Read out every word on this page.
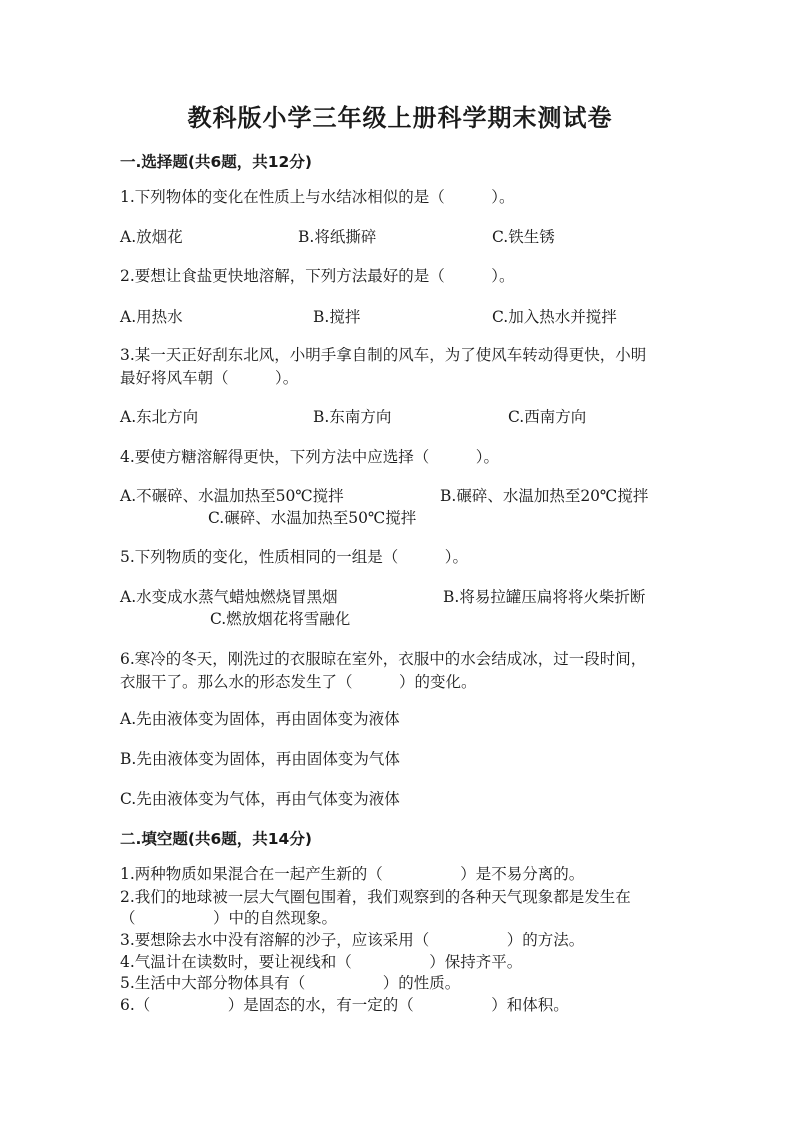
教科版小学三年级上册科学期末测试卷
一.选择题(共6题，共12分)
1.下列物体的变化在性质上与水结冰相似的是（　　　）。
A.放烟花	B.将纸撕碎	C.铁生锈
2.要想让食盐更快地溶解，下列方法最好的是（　　　）。
A.用热水	B.搅拌	C.加入热水并搅拌
3.某一天正好刮东北风，小明手拿自制的风车，为了使风车转动得更快，小明
最好将风车朝（　　　）。
A.东北方向	B.东南方向	C.西南方向
4.要使方糖溶解得更快，下列方法中应选择（　　　）。
A.不碾碎、水温加热至50℃搅拌	B.碾碎、水温加热至20℃搅拌
C.碾碎、水温加热至50℃搅拌
5.下列物质的变化，性质相同的一组是（　　　）。
A.水变成水蒸气蜡烛燃烧冒黑烟	B.将易拉罐压扁将将火柴折断
C.燃放烟花将雪融化
6.寒冷的冬天，刚洗过的衣服晾在室外，衣服中的水会结成冰，过一段时间，
衣服干了。那么水的形态发生了（　　　）的变化。
A.先由液体变为固体，再由固体变为液体
B.先由液体变为固体，再由固体变为气体
C.先由液体变为气体，再由气体变为液体
二.填空题(共6题，共14分)
1.两种物质如果混合在一起产生新的（　　　　　）是不易分离的。
2.我们的地球被一层大气圈包围着，我们观察到的各种天气现象都是发生在
（　　　　　）中的自然现象。
3.要想除去水中没有溶解的沙子，应该采用（　　　　　）的方法。
4.气温计在读数时，要让视线和（　　　　　）保持齐平。
5.生活中大部分物体具有（　　　　　）的性质。
6.（　　　　　）是固态的水，有一定的（　　　　　）和体积。
